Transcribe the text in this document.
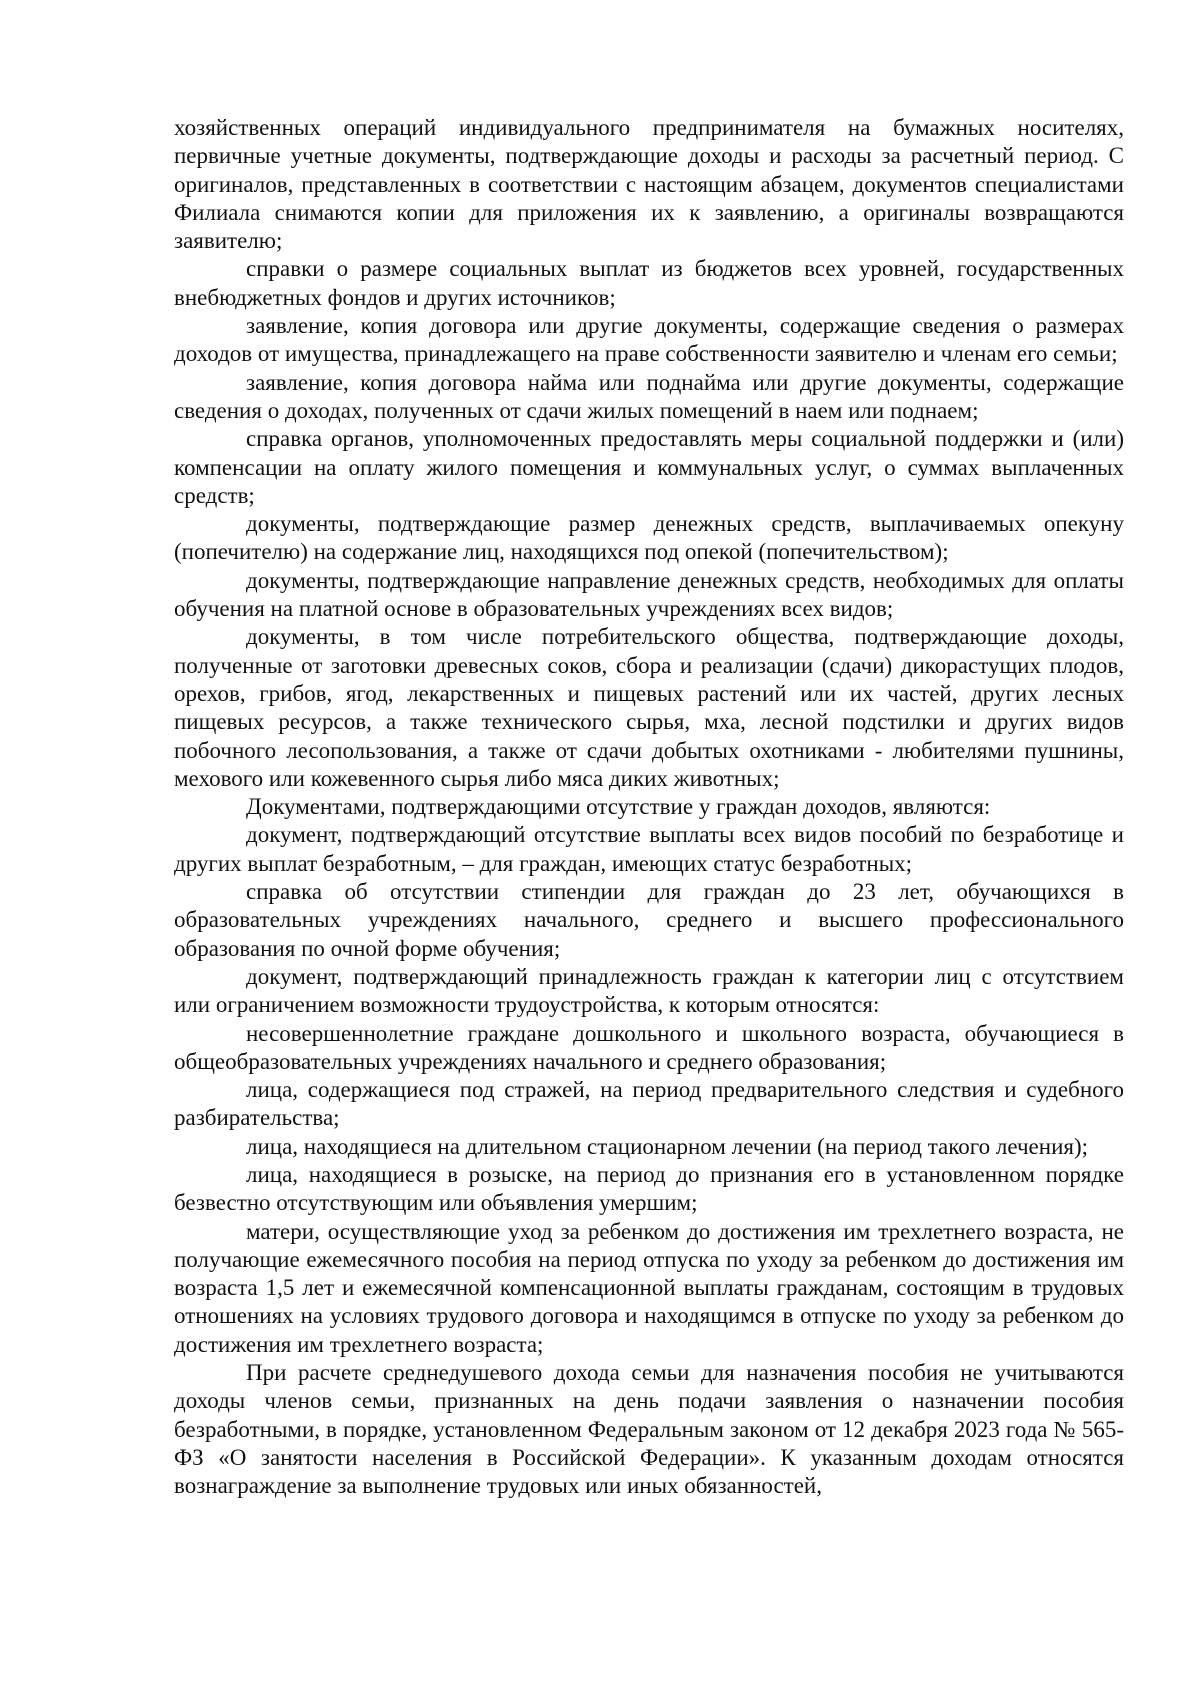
хозяйственных операций индивидуального предпринимателя на бумажных носителях, первичные учетные документы, подтверждающие доходы и расходы за расчетный период. С оригиналов, представленных в соответствии с настоящим абзацем, документов специалистами Филиала снимаются копии для приложения их к заявлению, а оригиналы возвращаются заявителю;

справки о размере социальных выплат из бюджетов всех уровней, государственных внебюджетных фондов и других источников;

заявление, копия договора или другие документы, содержащие сведения о размерах доходов от имущества, принадлежащего на праве собственности заявителю и членам его семьи;

заявление, копия договора найма или поднайма или другие документы, содержащие сведения о доходах, полученных от сдачи жилых помещений в наем или поднаем;

справка органов, уполномоченных предоставлять меры социальной поддержки и (или) компенсации на оплату жилого помещения и коммунальных услуг, о суммах выплаченных средств;

документы, подтверждающие размер денежных средств, выплачиваемых опекуну (попечителю) на содержание лиц, находящихся под опекой (попечительством);

документы, подтверждающие направление денежных средств, необходимых для оплаты обучения на платной основе в образовательных учреждениях всех видов;

документы, в том числе потребительского общества, подтверждающие доходы, полученные от заготовки древесных соков, сбора и реализации (сдачи) дикорастущих плодов, орехов, грибов, ягод, лекарственных и пищевых растений или их частей, других лесных пищевых ресурсов, а также технического сырья, мха, лесной подстилки и других видов побочного лесопользования, а также от сдачи добытых охотниками - любителями пушнины, мехового или кожевенного сырья либо мяса диких животных;

Документами, подтверждающими отсутствие у граждан доходов, являются:

документ, подтверждающий отсутствие выплаты всех видов пособий по безработице и других выплат безработным, – для граждан, имеющих статус безработных;

справка об отсутствии стипендии для граждан до 23 лет, обучающихся в образовательных учреждениях начального, среднего и высшего профессионального образования по очной форме обучения;

документ, подтверждающий принадлежность граждан к категории лиц с отсутствием или ограничением возможности трудоустройства, к которым относятся:

несовершеннолетние граждане дошкольного и школьного возраста, обучающиеся в общеобразовательных учреждениях начального и среднего образования;

лица, содержащиеся под стражей, на период предварительного следствия и судебного разбирательства;

лица, находящиеся на длительном стационарном лечении (на период такого лечения);

лица, находящиеся в розыске, на период до признания его в установленном порядке безвестно отсутствующим или объявления умершим;

матери, осуществляющие уход за ребенком до достижения им трехлетнего возраста, не получающие ежемесячного пособия на период отпуска по уходу за ребенком до достижения им возраста 1,5 лет и ежемесячной компенсационной выплаты гражданам, состоящим в трудовых отношениях на условиях трудового договора и находящимся в отпуске по уходу за ребенком до достижения им трехлетнего возраста;

При расчете среднедушевого дохода семьи для назначения пособия не учитываются доходы членов семьи, признанных на день подачи заявления о назначении пособия безработными, в порядке, установленном Федеральным законом от 12 декабря 2023 года № 565-ФЗ «О занятости населения в Российской Федерации». К указанным доходам относятся вознаграждение за выполнение трудовых или иных обязанностей,
